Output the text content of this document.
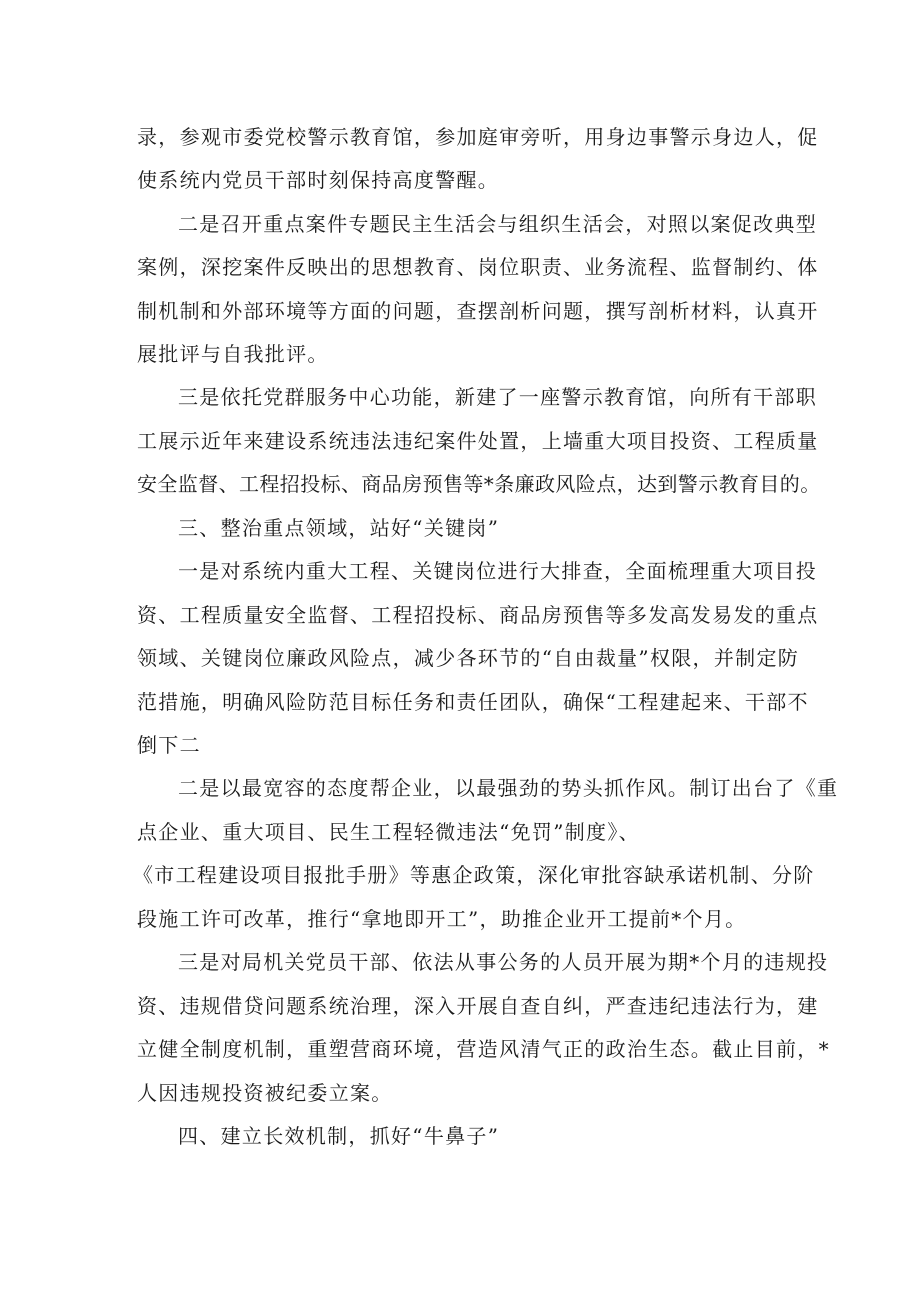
录，参观市委党校警示教育馆，参加庭审旁听，用身边事警示身边人，促
使系统内党员干部时刻保持高度警醒。
二是召开重点案件专题民主生活会与组织生活会，对照以案促改典型
案例，深挖案件反映出的思想教育、岗位职责、业务流程、监督制约、体
制机制和外部环境等方面的问题，查摆剖析问题，撰写剖析材料，认真开
展批评与自我批评。
三是依托党群服务中心功能，新建了一座警示教育馆，向所有干部职
工展示近年来建设系统违法违纪案件处置，上墙重大项目投资、工程质量
安全监督、工程招投标、商品房预售等*条廉政风险点，达到警示教育目的。
三、整治重点领域，站好“关键岗”
一是对系统内重大工程、关键岗位进行大排查，全面梳理重大项目投
资、工程质量安全监督、工程招投标、商品房预售等多发高发易发的重点
领域、关键岗位廉政风险点，减少各环节的“自由裁量”权限，并制定防
范措施，明确风险防范目标任务和责任团队，确保“工程建起来、干部不
倒下二
二是以最宽容的态度帮企业，以最强劲的势头抓作风。制订出台了《重
点企业、重大项目、民生工程轻微违法“免罚”制度》、
《市工程建设项目报批手册》等惠企政策，深化审批容缺承诺机制、分阶
段施工许可改革，推行“拿地即开工”，助推企业开工提前*个月。
三是对局机关党员干部、依法从事公务的人员开展为期*个月的违规投
资、违规借贷问题系统治理，深入开展自查自纠，严查违纪违法行为，建
立健全制度机制，重塑营商环境，营造风清气正的政治生态。截止目前，*
人因违规投资被纪委立案。
四、建立长效机制，抓好“牛鼻子”
